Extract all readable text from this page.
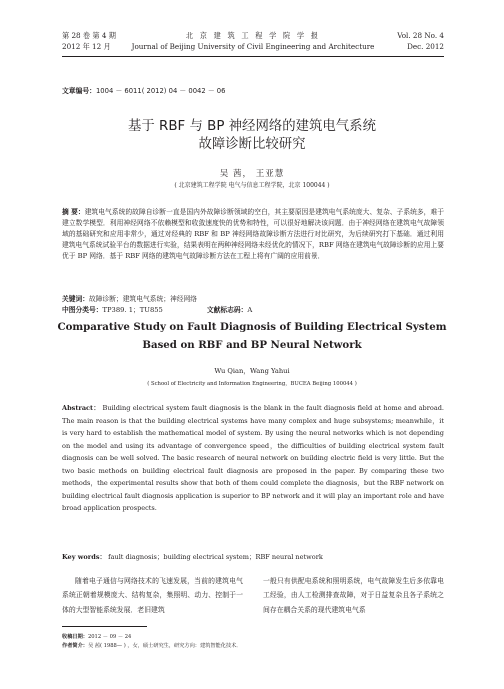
第 28 卷 第 4 期
2012 年 12 月
北 京 建 筑 工 程 学 院 学 报
Journal of Beijing University of Civil Engineering and Architecture
Vol. 28 No. 4
Dec. 2012
文章编号：1004 － 6011( 2012) 04 － 0042 － 06
基于 RBF 与 BP 神经网络的建筑电气系统
故障诊断比较研究
吴 茜， 王亚慧
( 北京建筑工程学院 电气与信息工程学院，北京 100044 )
摘 要：建筑电气系统的故障自诊断一直是国内外故障诊断领域的空白，其主要原因是建筑电气系统庞大、复杂、子系统多，难于建立数学模型．利用神经网络不依赖模型和收敛速度快的优势和特性，可以很好地解决该问题．由于神经网络在建筑电气故障领域的基础研究和应用非常少，通过对经典的 RBF 和 BP 神经网络故障诊断方法进行对比研究，为后续研究打下基础．通过利用建筑电气系统试验平台的数据进行实验，结果表明在两种神经网络未经优化的情况下，RBF 网络在建筑电气故障诊断的应用上要优于 BP 网络．基于 RBF 网络的建筑电气故障诊断方法在工程上将有广阔的应用前景．
关键词：故障诊断；建筑电气系统；神经网络
中图分类号：TP389. 1；TU855	文献标志码：A
Comparative Study on Fault Diagnosis of Building Electrical System
Based on RBF and BP Neural Network
Wu Qian，Wang Yahui
( School of Electricity and Information Engineering，BUCEA Beijing 100044 )
Abstract： Building electrical system fault diagnosis is the blank in the fault diagnosis field at home and abroad. The main reason is that the building electrical systems have many complex and huge subsystems; meanwhile，it is very hard to establish the mathematical model of system. By using the neural networks which is not depending on the model and using its advantage of convergence speed，the difficulties of building electrical system fault diagnosis can be well solved. The basic research of neural network on building electric field is very little. But the two basic methods on building electrical fault diagnosis are proposed in the paper. By comparing these two methods，the experimental results show that both of them could complete the diagnosis，but the RBF network on building electrical fault diagnosis application is superior to BP network and it will play an important role and have broad application prospects.
Key words： fault diagnosis；building electrical system；RBF neural network
随着电子通信与网络技术的飞速发展，当前的建筑电气系统正朝着规模庞大、结构复杂，集照明、动力、控制于一体的大型智能系统发展．老旧建筑
一般只有供配电系统和照明系统，电气故障发生后多依靠电工经验，由人工检测排查故障，对于日益复杂且各子系统之间存在耦合关系的现代建筑电气系
收稿日期：2012 － 09 － 24
作者简介：吴 茜( 1988— ) ，女，硕士研究生，研究方向：建筑智能化技术．
